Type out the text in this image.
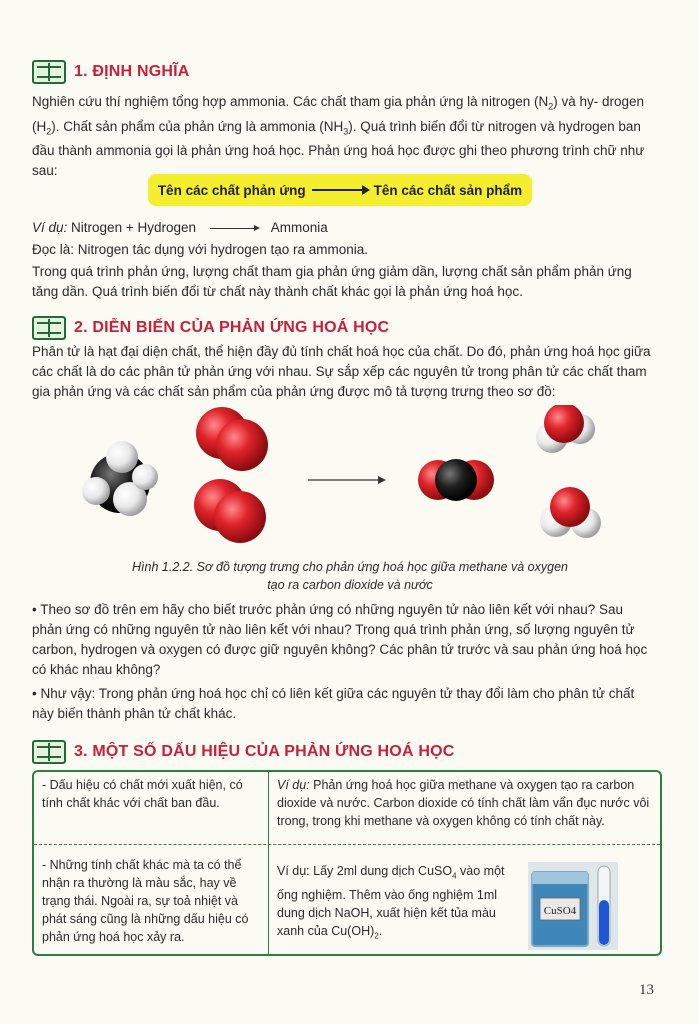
1. ĐỊNH NGHĨA
Nghiên cứu thí nghiệm tổng hợp ammonia. Các chất tham gia phản ứng là nitrogen $(N_2)$ và hy- drogen $(H_2)$. Chất sản phẩm của phản ứng là ammonia $(NH_3)$. Quá trình biến đổi từ nitrogen và hydrogen ban đầu thành ammonia gọi là phản ứng hoá học. Phản ứng hoá học được ghi theo phương trình chữ như sau:
Tên các chất phản ứng	Tên các chất sản phẩm
Ví dụ: Nitrogen + Hydrogen	Ammonia
Đọc là: Nitrogen tác dụng với hydrogen tạo ra ammonia.
Trong quá trình phản ứng, lượng chất tham gia phản ứng giảm dần, lượng chất sản phẩm phản ứng tăng dần. Quá trình biến đổi từ chất này thành chất khác gọi là phản ứng hoá học.
2. DIỄN BIẾN CỦA PHẢN ỨNG HOÁ HỌC
Phân tử là hạt đại diện chất, thể hiện đầy đủ tính chất hoá học của chất. Do đó, phản ứng hoá học giữa các chất là do các phân tử phản ứng với nhau. Sự sắp xếp các nguyên tử trong phân tử các chất tham gia phản ứng và các chất sản phẩm của phản ứng được mô tả tượng trưng theo sơ đồ:
Hình 1.2.2. Sơ đồ tượng trưng cho phản ứng hoá học giữa methane và oxygen
tạo ra carbon dioxide và nước
• Theo sơ đồ trên em hãy cho biết trước phản ứng có những nguyên tử nào liên kết với nhau? Sau phản ứng có những nguyên tử nào liên kết với nhau? Trong quá trình phản ứng, số lượng nguyên tử carbon, hydrogen và oxygen có được giữ nguyên không? Các phân tử trước và sau phản ứng hoá học có khác nhau không?
• Như vậy: Trong phản ứng hoá học chỉ có liên kết giữa các nguyên tử thay đổi làm cho phân tử chất này biến thành phân tử chất khác.
3. MỘT SỐ DẤU HIỆU CỦA PHẢN ỨNG HOÁ HỌC
- Dấu hiệu có chất mới xuất hiện, có tính chất khác với chất ban đầu.
Ví dụ: Phản ứng hoá học giữa methane và oxygen tạo ra carbon dioxide và nước. Carbon dioxide có tính chất làm vẩn đục nước vôi trong, trong khi methane và oxygen không có tính chất này.
- Những tính chất khác mà ta có thể nhận ra thường là màu sắc, hay về trạng thái. Ngoài ra, sự toả nhiệt và phát sáng cũng là những dấu hiệu có phản ứng hoá học xảy ra.
Ví dụ: Lấy 2ml dung dịch CuSO$_4$ vào một ống nghiệm. Thêm vào ống nghiệm 1ml dung dịch NaOH, xuất hiện kết tủa màu xanh của $Cu(OH)_2$.
CuSO4
13
